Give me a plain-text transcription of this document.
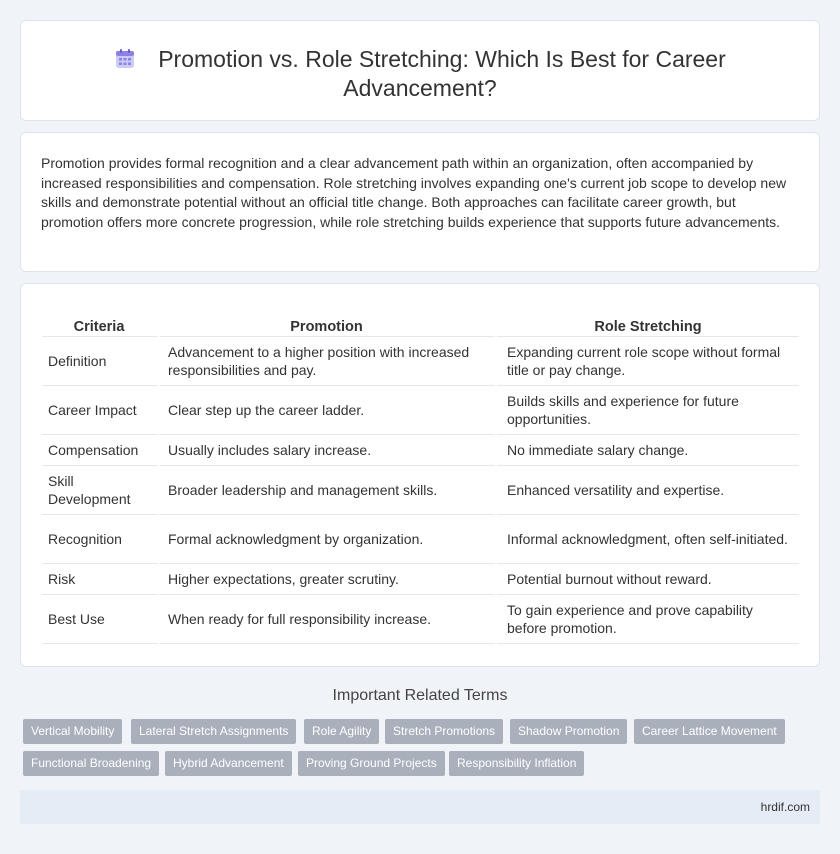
Promotion vs. Role Stretching: Which Is Best for Career Advancement?

Promotion provides formal recognition and a clear advancement path within an organization, often accompanied by increased responsibilities and compensation. Role stretching involves expanding one's current job scope to develop new skills and demonstrate potential without an official title change. Both approaches can facilitate career growth, but promotion offers more concrete progression, while role stretching builds experience that supports future advancements.

Criteria	Promotion	Role Stretching
Definition	Advancement to a higher position with increased responsibilities and pay.	Expanding current role scope without formal title or pay change.
Career Impact	Clear step up the career ladder.	Builds skills and experience for future opportunities.
Compensation	Usually includes salary increase.	No immediate salary change.
Skill Development	Broader leadership and management skills.	Enhanced versatility and expertise.
Recognition	Formal acknowledgment by organization.	Informal acknowledgment, often self-initiated.
Risk	Higher expectations, greater scrutiny.	Potential burnout without reward.
Best Use	When ready for full responsibility increase.	To gain experience and prove capability before promotion.
Important Related Terms
Vertical Mobility	Lateral Stretch Assignments	Role Agility	Stretch Promotions	Shadow Promotion	Career Lattice Movement
Functional Broadening	Hybrid Advancement	Proving Ground Projects	Responsibility Inflation
hrdif.com
